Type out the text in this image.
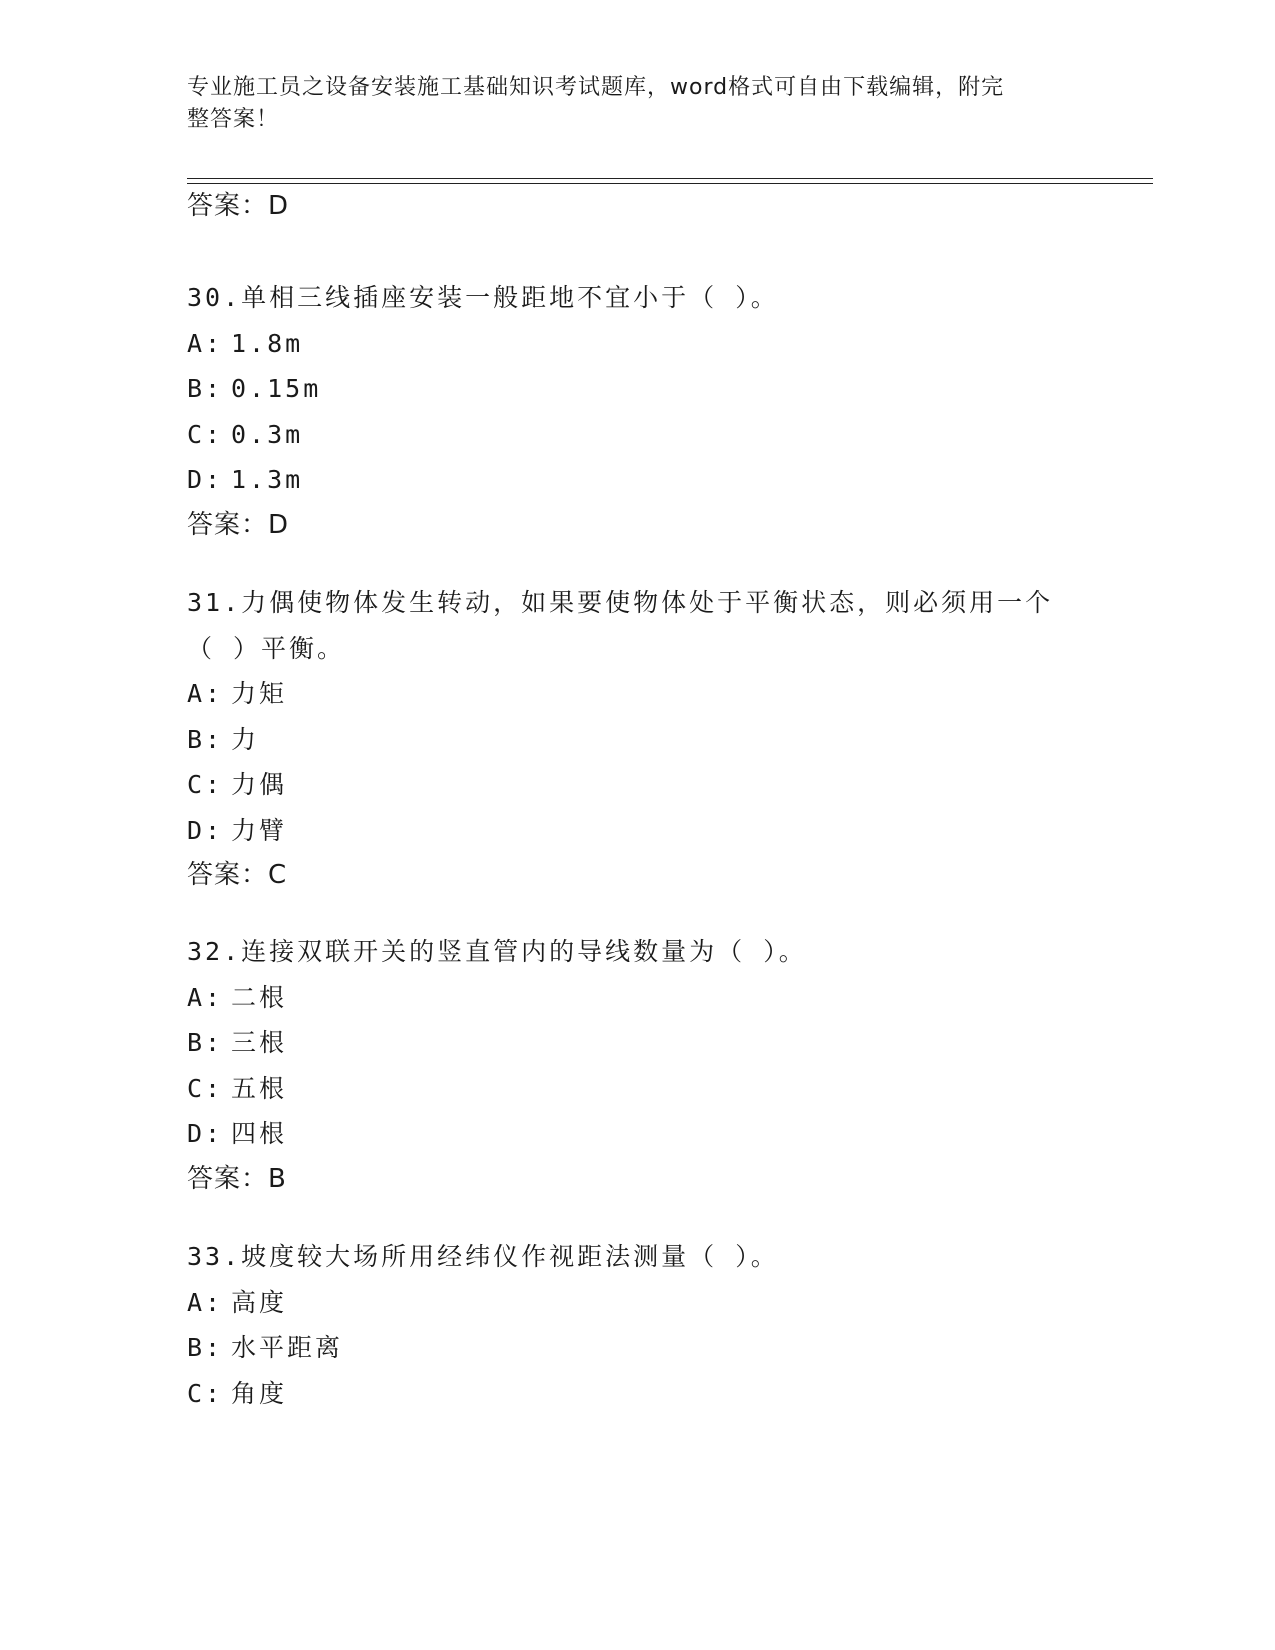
专业施工员之设备安装施工基础知识考试题库，word格式可自由下载编辑，附完
整答案！
答案：D
30.单相三线插座安装一般距地不宜小于（ ）。
A: 1.8m
B: 0.15m
C: 0.3m
D: 1.3m
答案：D
31.力偶使物体发生转动，如果要使物体处于平衡状态，则必须用一个
（ ）平衡。
A: 力矩
B: 力
C: 力偶
D: 力臂
答案：C
32.连接双联开关的竖直管内的导线数量为（ ）。
A: 二根
B: 三根
C: 五根
D: 四根
答案：B
33.坡度较大场所用经纬仪作视距法测量（ ）。
A: 高度
B: 水平距离
C: 角度
